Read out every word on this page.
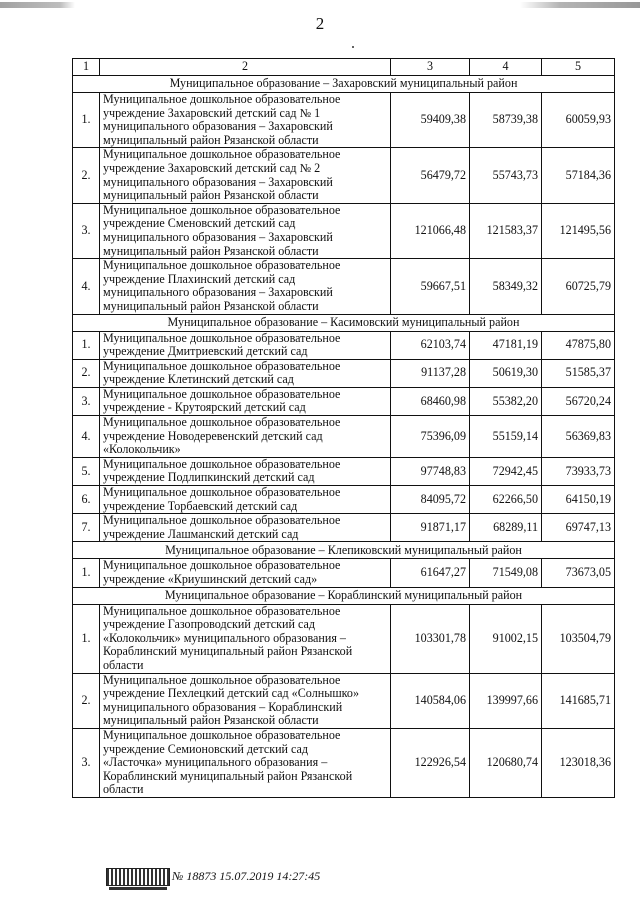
2
1	2	3	4	5
Муниципальное образование – Захаровский муниципальный район				
1.	Муниципальное дошкольное образовательное
учреждение Захаровский детский сад № 1
муниципального образования – Захаровский
муниципальный район Рязанской области	59409,38	58739,38	60059,93
2.	Муниципальное дошкольное образовательное
учреждение Захаровский детский сад № 2
муниципального образования – Захаровский
муниципальный район Рязанской области	56479,72	55743,73	57184,36
3.	Муниципальное дошкольное образовательное
учреждение Сменовский детский сад
муниципального образования – Захаровский
муниципальный район Рязанской области	121066,48	121583,37	121495,56
4.	Муниципальное дошкольное образовательное
учреждение Плахинский детский сад
муниципального образования – Захаровский
муниципальный район Рязанской области	59667,51	58349,32	60725,79
Муниципальное образование – Касимовский муниципальный район				
1.	Муниципальное дошкольное образовательное
учреждение Дмитриевский детский сад	62103,74	47181,19	47875,80
2.	Муниципальное дошкольное образовательное
учреждение Клетинский детский сад	91137,28	50619,30	51585,37
3.	Муниципальное дошкольное образовательное
учреждение - Крутоярский детский сад	68460,98	55382,20	56720,24
4.	Муниципальное дошкольное образовательное
учреждение Новодеревенский детский сад
«Колокольчик»	75396,09	55159,14	56369,83
5.	Муниципальное дошкольное образовательное
учреждение Подлипкинский детский сад	97748,83	72942,45	73933,73
6.	Муниципальное дошкольное образовательное
учреждение Торбаевский детский сад	84095,72	62266,50	64150,19
7.	Муниципальное дошкольное образовательное
учреждение Лашманский детский сад	91871,17	68289,11	69747,13
Муниципальное образование – Клепиковский муниципальный район				
1.	Муниципальное дошкольное образовательное
учреждение «Криушинский детский сад»	61647,27	71549,08	73673,05
Муниципальное образование – Кораблинский муниципальный район				
1.	Муниципальное дошкольное образовательное
учреждение Газопроводский детский сад
«Колокольчик» муниципального образования –
Кораблинский муниципальный район Рязанской
области	103301,78	91002,15	103504,79
2.	Муниципальное дошкольное образовательное
учреждение Пехлецкий детский сад «Солнышко»
муниципального образования – Кораблинский
муниципальный район Рязанской области	140584,06	139997,66	141685,71
3.	Муниципальное дошкольное образовательное
учреждение Семионовский детский сад
«Ласточка» муниципального образования –
Кораблинский муниципальный район Рязанской
области	122926,54	120680,74	123018,36
№ 18873 15.07.2019 14:27:45
